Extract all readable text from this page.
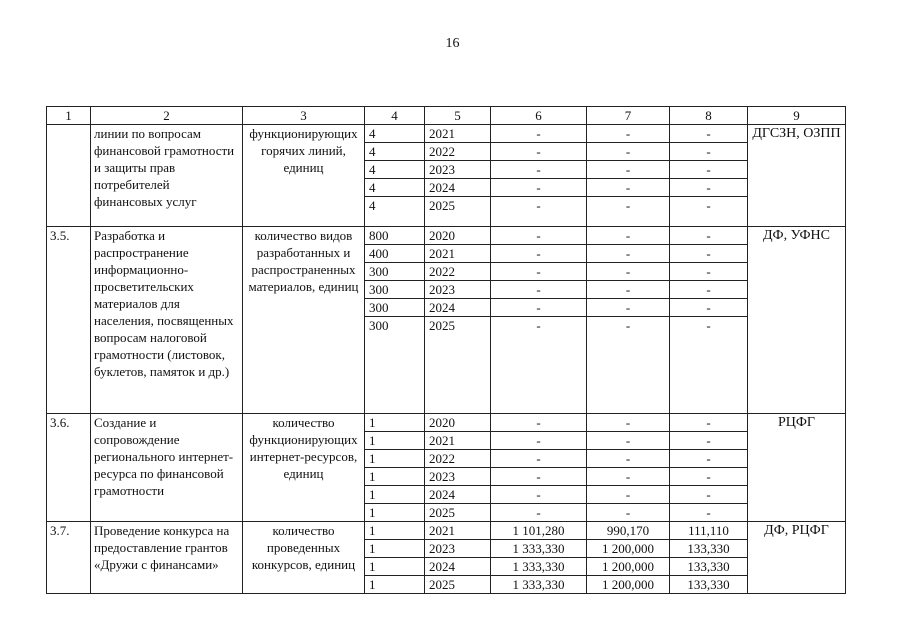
16
1	2	3	4	5	6	7	8	9
	линии по вопросам финансовой грамотности и защиты прав потребителей финансовых услуг	функционирующих горячих линий, единиц	4	2021	-	-	-	ДГСЗН, ОЗПП
			4	2022	-	-	-	
			4	2023	-	-	-	
			4	2024	-	-	-	
			4	2025	-	-	-	
3.5.	Разработка и распространение информационно-просветительских материалов для населения, посвященных вопросам налоговой грамотности (листовок, буклетов, памяток и др.)	количество видов разработанных и распространенных материалов, единиц	800	2020	-	-	-	ДФ, УФНС
			400	2021	-	-	-	
			300	2022	-	-	-	
			300	2023	-	-	-	
			300	2024	-	-	-	
			300	2025	-	-	-	
3.6.	Создание и сопровождение регионального интернет-ресурса по финансовой грамотности	количество функционирующих интернет-ресурсов, единиц	1	2020	-	-	-	РЦФГ
			1	2021	-	-	-	
			1	2022	-	-	-	
			1	2023	-	-	-	
			1	2024	-	-	-	
			1	2025	-	-	-	
3.7.	Проведение конкурса на предоставление грантов «Дружи с финансами»	количество проведенных конкурсов, единиц	1	2021	1 101,280	990,170	111,110	ДФ, РЦФГ
			1	2023	1 333,330	1 200,000	133,330	
			1	2024	1 333,330	1 200,000	133,330	
			1	2025	1 333,330	1 200,000	133,330	
